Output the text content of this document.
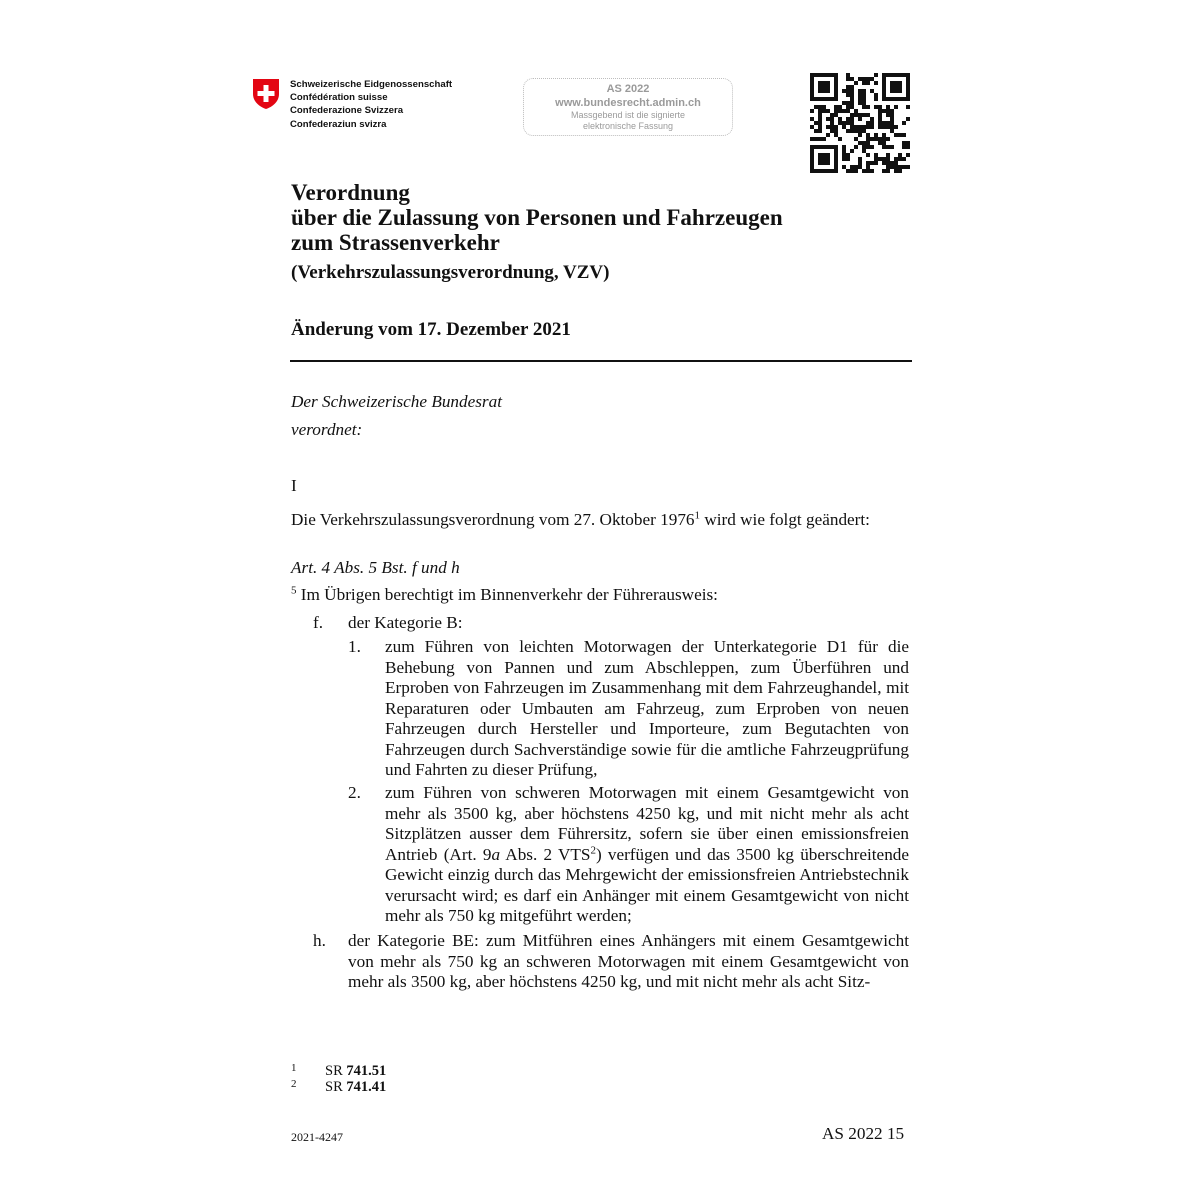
Schweizerische Eidgenossenschaft
Confédération suisse
Confederazione Svizzera
Confederaziun svizra
AS 2022
www.bundesrecht.admin.ch
Massgebend ist die signierte
elektronische Fassung
Verordnung
über die Zulassung von Personen und Fahrzeugen
zum Strassenverkehr
(Verkehrszulassungsverordnung, VZV)
Änderung vom 17. Dezember 2021
Der Schweizerische Bundesrat
verordnet:
I
Die Verkehrszulassungsverordnung vom 27. Oktober 1976$^1$ wird wie folgt geändert:
Art. 4 Abs. 5 Bst. f und h
$^5$ Im Übrigen berechtigt im Binnenverkehr der Führerausweis:
f. der Kategorie B:
1. zum Führen von leichten Motorwagen der Unterkategorie D1 für die Behebung von Pannen und zum Abschleppen, zum Überführen und Erproben von Fahrzeugen im Zusammenhang mit dem Fahrzeughandel, mit Reparaturen oder Umbauten am Fahrzeug, zum Erproben von neuen Fahrzeugen durch Hersteller und Importeure, zum Begutachten von Fahrzeugen durch Sachverständige sowie für die amtliche Fahrzeugprüfung und Fahrten zu dieser Prüfung,
2. zum Führen von schweren Motorwagen mit einem Gesamtgewicht von mehr als 3500 kg, aber höchstens 4250 kg, und mit nicht mehr als acht Sitzplätzen ausser dem Führersitz, sofern sie über einen emissionsfreien Antrieb (Art. 9a Abs. 2 VTS$^2$) verfügen und das 3500 kg überschreitende Gewicht einzig durch das Mehrgewicht der emissionsfreien Antriebstechnik verursacht wird; es darf ein Anhänger mit einem Gesamtgewicht von nicht mehr als 750 kg mitgeführt werden;
h. der Kategorie BE: zum Mitführen eines Anhängers mit einem Gesamtgewicht von mehr als 750 kg an schweren Motorwagen mit einem Gesamtgewicht von mehr als 3500 kg, aber höchstens 4250 kg, und mit nicht mehr als acht Sitz-
1 SR 741.51
2 SR 741.41
2021-4247	AS 2022 15
